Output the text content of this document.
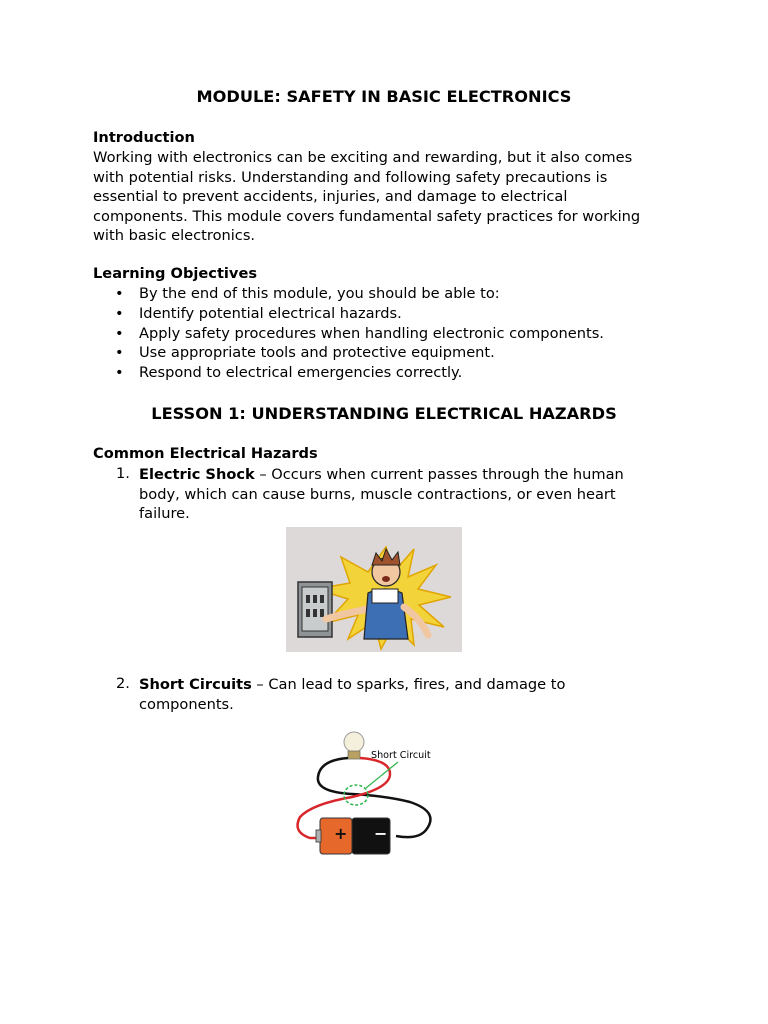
MODULE: SAFETY IN BASIC ELECTRONICS
Introduction
Working with electronics can be exciting and rewarding, but it also comes
with potential risks. Understanding and following safety precautions is
essential to prevent accidents, injuries, and damage to electrical
components. This module covers fundamental safety practices for working
with basic electronics.
Learning Objectives
• By the end of this module, you should be able to:
• Identify potential electrical hazards.
• Apply safety procedures when handling electronic components.
• Use appropriate tools and protective equipment.
• Respond to electrical emergencies correctly.
LESSON 1: UNDERSTANDING ELECTRICAL HAZARDS
Common Electrical Hazards
1. Electric Shock – Occurs when current passes through the human
body, which can cause burns, muscle contractions, or even heart
failure.
2. Short Circuits – Can lead to sparks, fires, and damage to
components.
Short Circuit
+ −
